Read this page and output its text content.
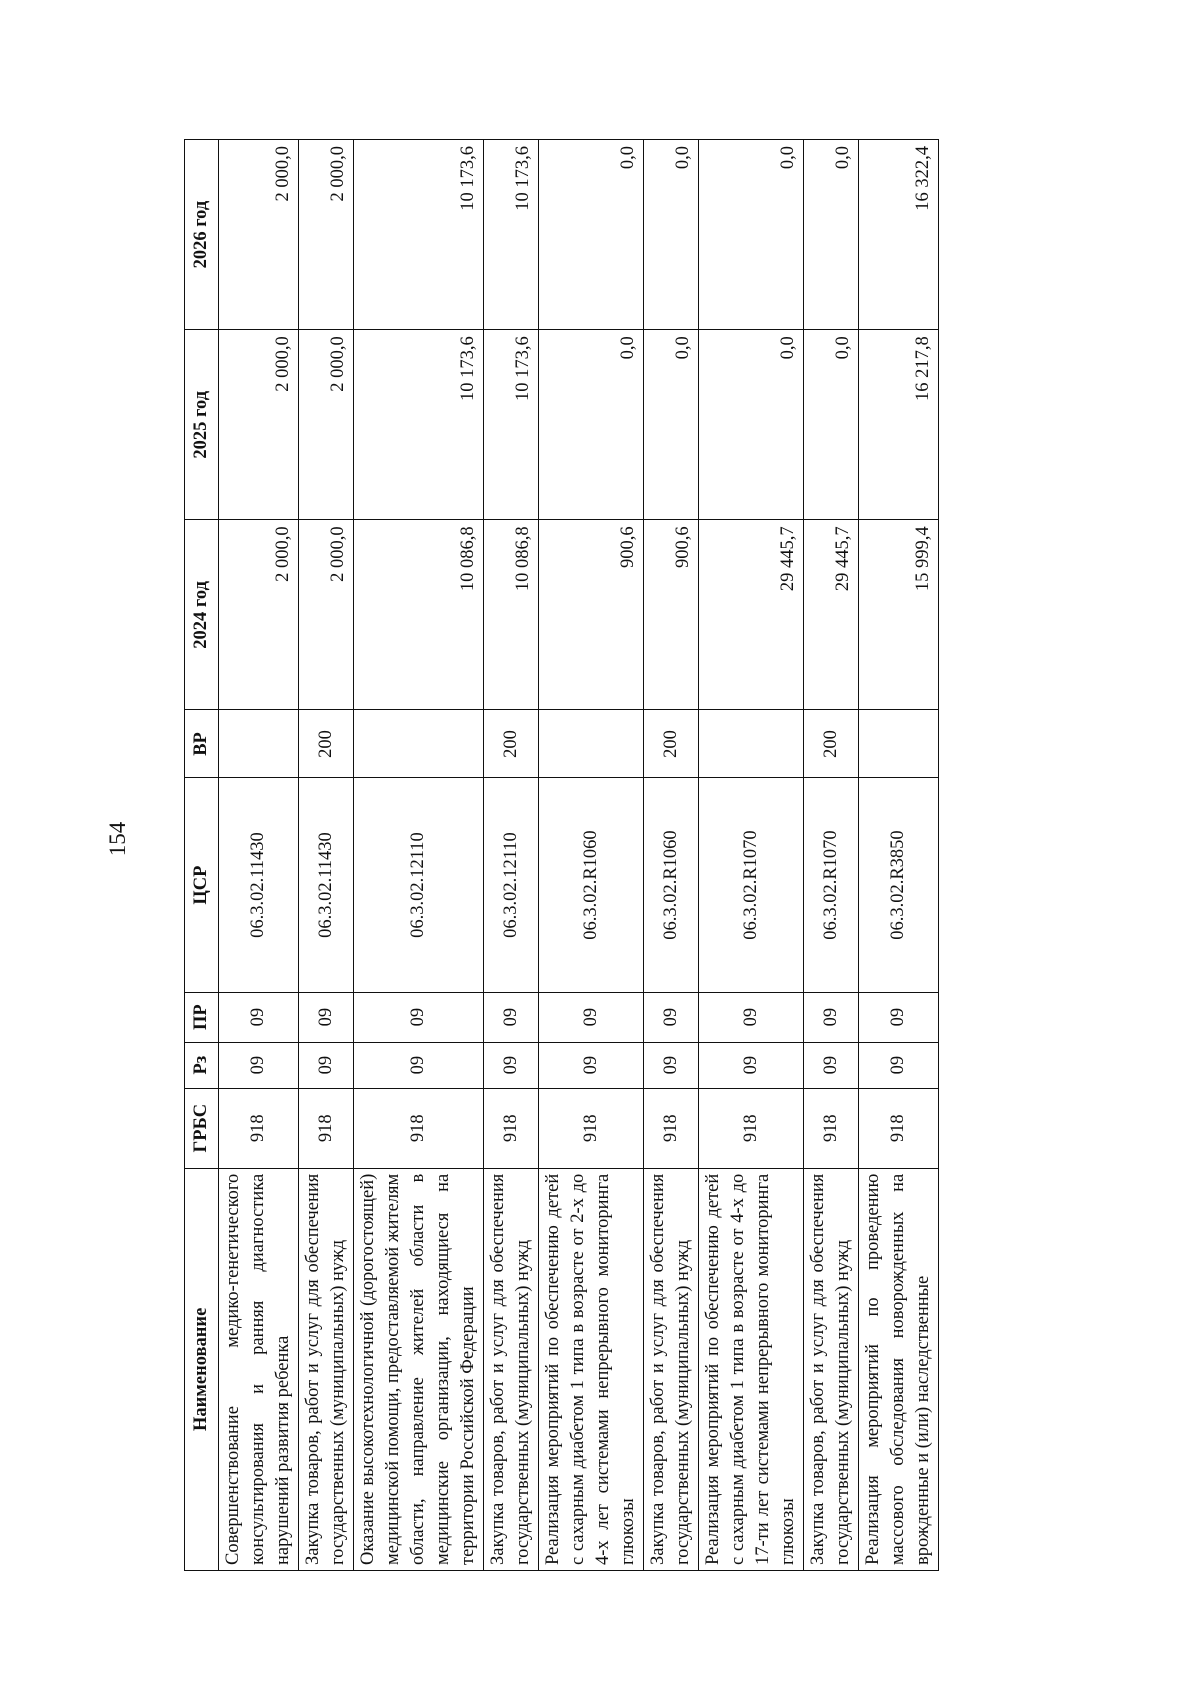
154
Наименование	ГРБС	Рз	ПР	ЦСР	ВР	2024 год	2025 год	2026 год
Совершенствование медико-генетического консультирования и ранняя диагностика нарушений развития ребенка	918	09	09	06.3.02.11430		2 000,0	2 000,0	2 000,0
Закупка товаров, работ и услуг для обеспечения государственных (муниципальных) нужд	918	09	09	06.3.02.11430	200	2 000,0	2 000,0	2 000,0
Оказание высокотехнологичной (дорогостоящей) медицинской помощи, предоставляемой жителям области, направление жителей области в медицинские организации, находящиеся на территории Российской Федерации	918	09	09	06.3.02.12110		10 086,8	10 173,6	10 173,6
Закупка товаров, работ и услуг для обеспечения государственных (муниципальных) нужд	918	09	09	06.3.02.12110	200	10 086,8	10 173,6	10 173,6
Реализация мероприятий по обеспечению детей с сахарным диабетом 1 типа в возрасте от 2-х до 4-х лет системами непрерывного мониторинга глюкозы	918	09	09	06.3.02.R1060		900,6	0,0	0,0
Закупка товаров, работ и услуг для обеспечения государственных (муниципальных) нужд	918	09	09	06.3.02.R1060	200	900,6	0,0	0,0
Реализация мероприятий по обеспечению детей с сахарным диабетом 1 типа в возрасте от 4-х до 17-ти лет системами непрерывного мониторинга глюкозы	918	09	09	06.3.02.R1070		29 445,7	0,0	0,0
Закупка товаров, работ и услуг для обеспечения государственных (муниципальных) нужд	918	09	09	06.3.02.R1070	200	29 445,7	0,0	0,0
Реализация мероприятий по проведению массового обследования новорожденных на врожденные и (или) наследственные	918	09	09	06.3.02.R3850		15 999,4	16 217,8	16 322,4
